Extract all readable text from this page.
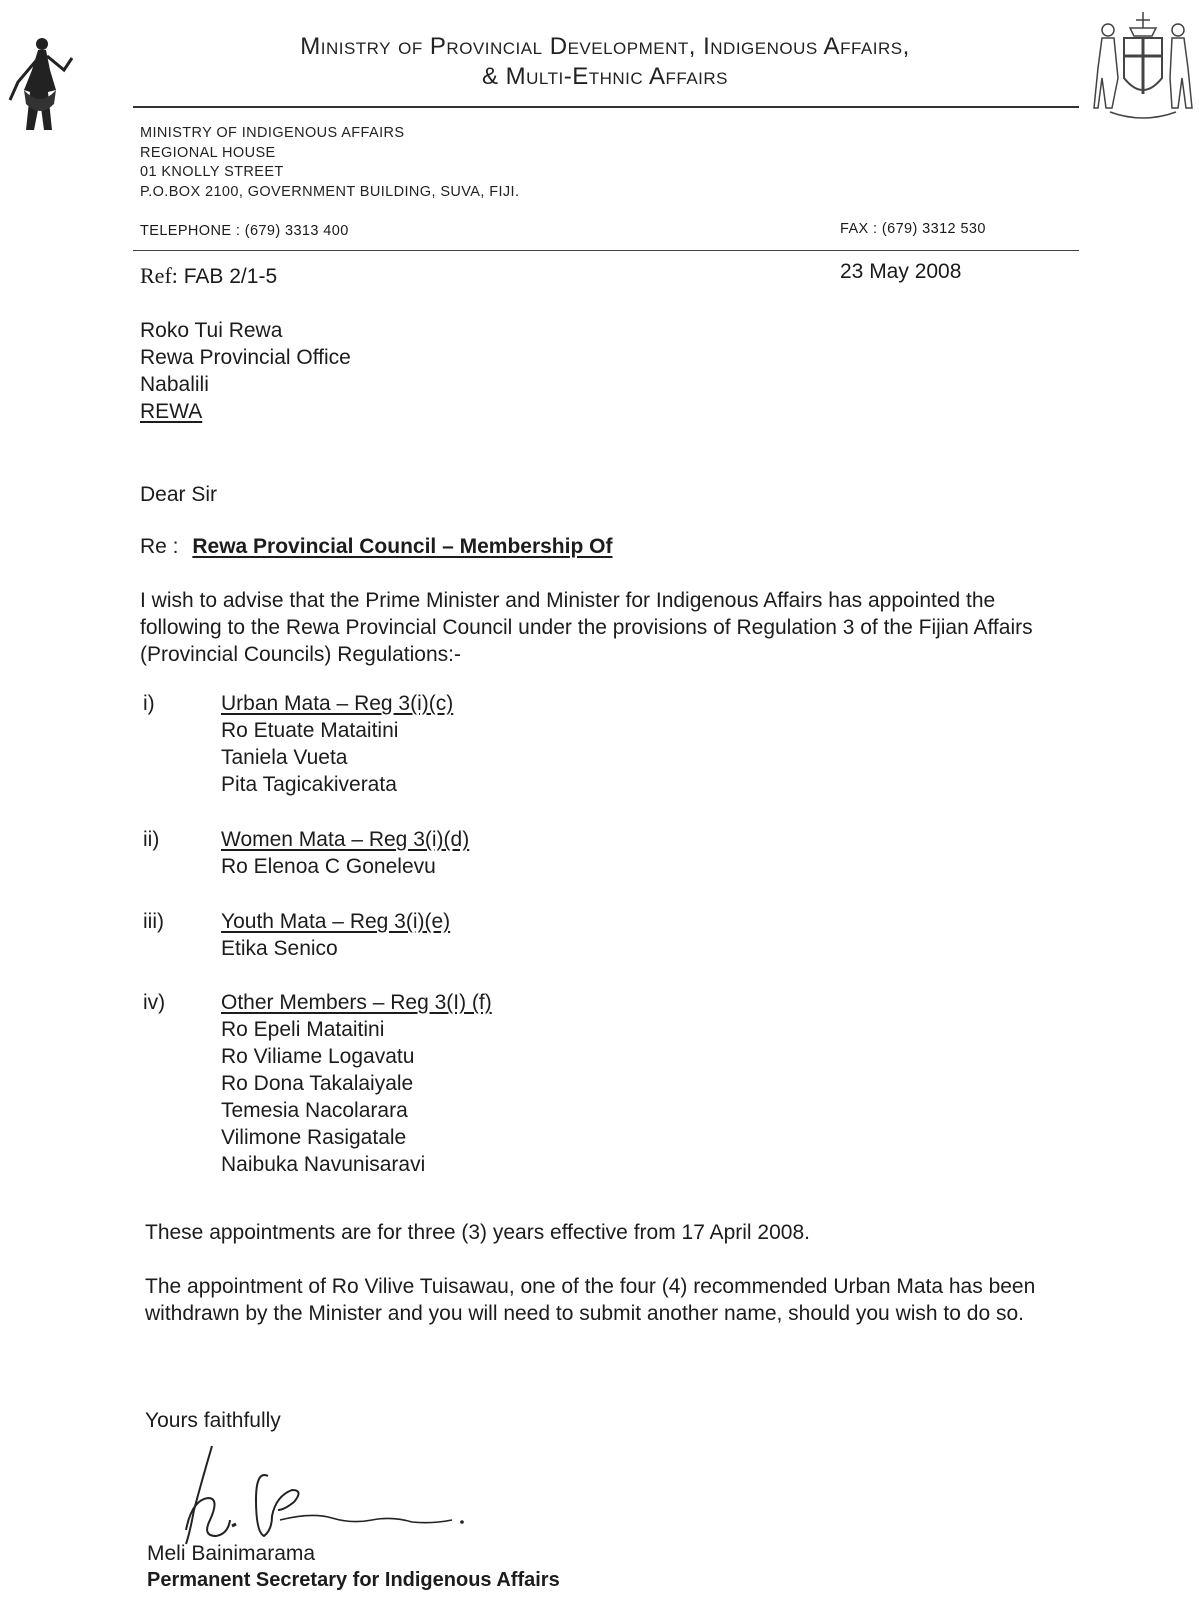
Ministry of Provincial Development, Indigenous Affairs,
& Multi-Ethnic Affairs
MINISTRY OF INDIGENOUS AFFAIRS
REGIONAL HOUSE
01 KNOLLY STREET
P.O.BOX 2100, GOVERNMENT BUILDING, SUVA, FIJI.
TELEPHONE : (679) 3313 400	FAX : (679) 3312 530
Ref: FAB 2/1-5	23 May 2008
Roko Tui Rewa
Rewa Provincial Office
Nabalili
REWA
Dear Sir
Re : Rewa Provincial Council – Membership Of
I wish to advise that the Prime Minister and Minister for Indigenous Affairs has appointed the following to the Rewa Provincial Council under the provisions of Regulation 3 of the Fijian Affairs (Provincial Councils) Regulations:-
i)	Urban Mata – Reg 3(i)(c)
Ro Etuate Mataitini
Taniela Vueta
Pita Tagicakiverata
ii)	Women Mata – Reg 3(i)(d)
Ro Elenoa C Gonelevu
iii)	Youth Mata – Reg 3(i)(e)
Etika Senico
iv)	Other Members – Reg 3(I) (f)
Ro Epeli Mataitini
Ro Viliame Logavatu
Ro Dona Takalaiyale
Temesia Nacolarara
Vilimone Rasigatale
Naibuka Navunisaravi
These appointments are for three (3) years effective from 17 April 2008.
The appointment of Ro Vilive Tuisawau, one of the four (4) recommended Urban Mata has been withdrawn by the Minister and you will need to submit another name, should you wish to do so.
Yours faithfully
Meli Bainimarama
Permanent Secretary for Indigenous Affairs
